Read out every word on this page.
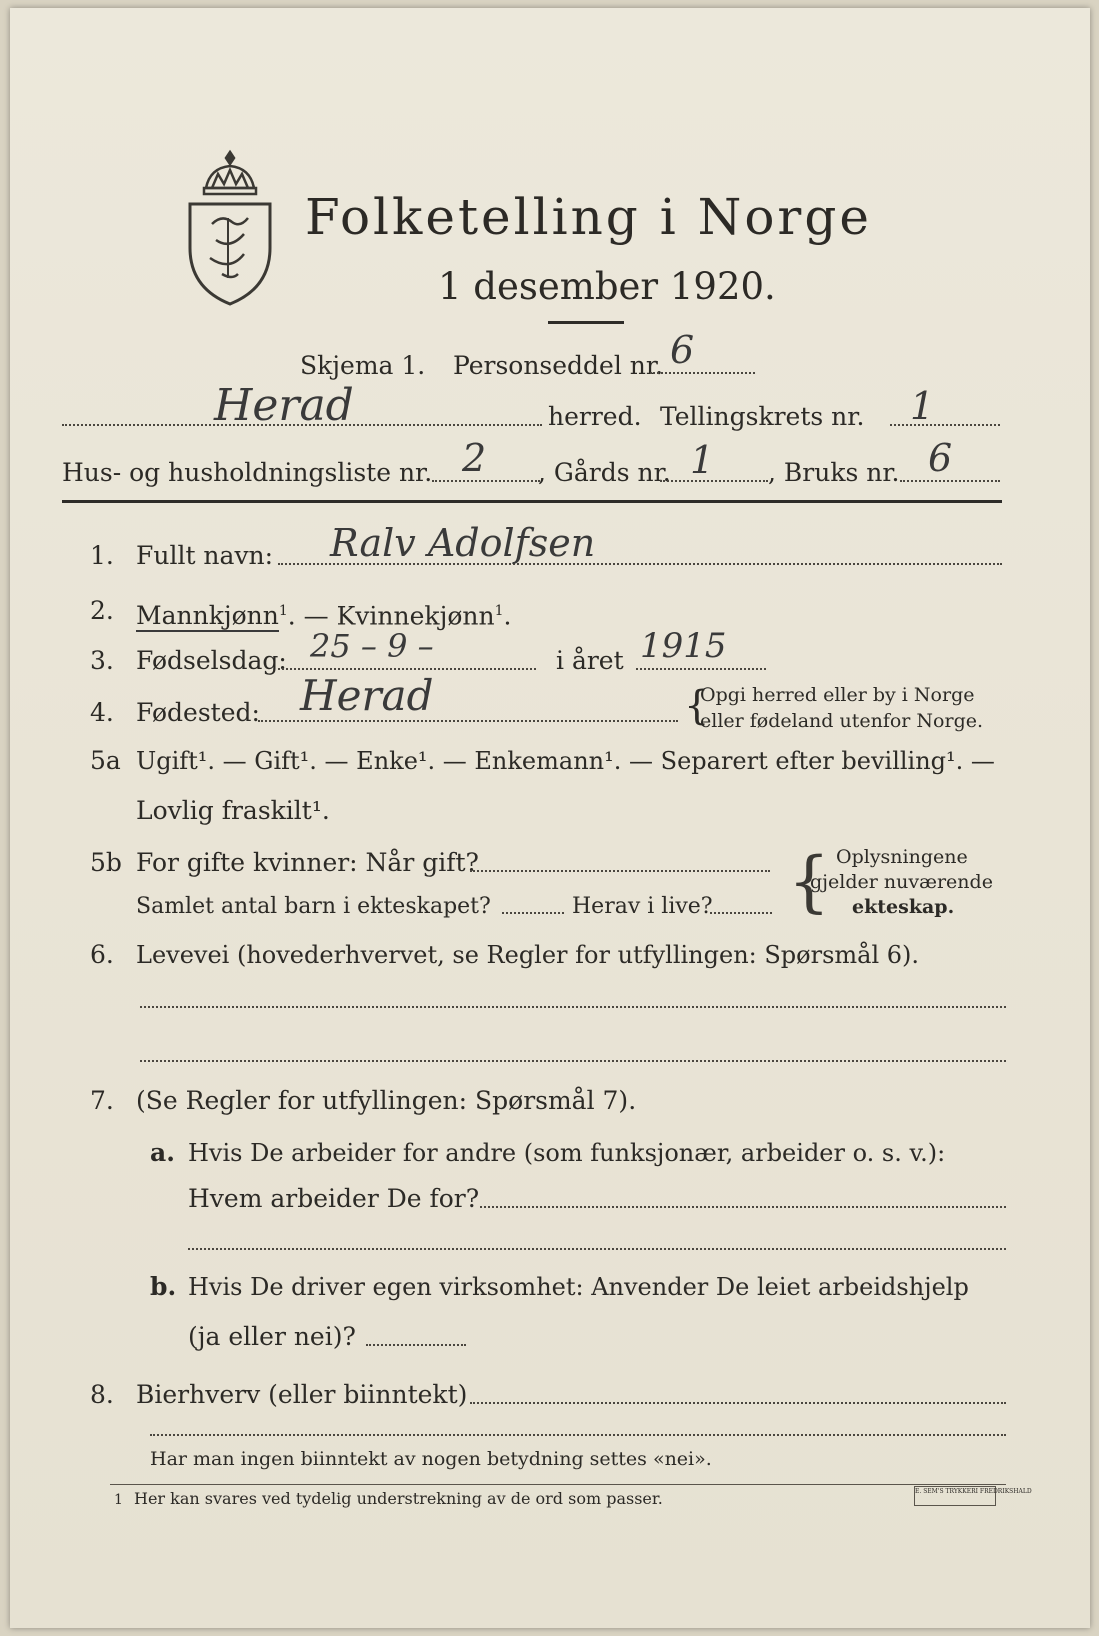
Folketelling i Norge
1 desember 1920.
Skjema 1. Personseddel nr. 6
Herad	herred. Tellingskrets nr. 1
Hus- og husholdningsliste nr. 2 , Gårds nr. 1 , Bruks nr. 6
1. Fullt navn: Ralv Adolfsen
2. Mannkjønn$^1$. — Kvinnekjønn$^1$.
3. Fødselsdag: 25 – 9 –	i året 1915
4. Fødested: Herad	{
Opgi herred eller by i Norge
eller fødeland utenfor Norge.
5a Ugift¹. — Gift¹. — Enke¹. — Enkemann¹. — Separert efter bevilling¹. —
Lovlig fraskilt¹.
5b For gifte kvinner: Når gift?
Samlet antal barn i ekteskapet?	Herav i live? { Oplysningene
gjelder nuværende
ekteskap.
6. Levevei (hovederhvervet, se Regler for utfyllingen: Spørsmål 6).
7. (Se Regler for utfyllingen: Spørsmål 7).
a. Hvis De arbeider for andre (som funksjonær, arbeider o. s. v.):
Hvem arbeider De for?
b. Hvis De driver egen virksomhet: Anvender De leiet arbeidshjelp
(ja eller nei)?
8. Bierhverv (eller biinntekt)
Har man ingen biinntekt av nogen betydning settes «nei».
1 Her kan svares ved tydelig understrekning av de ord som passer.	E. SEM'S TRYKKERI FREDRIKSHALD
